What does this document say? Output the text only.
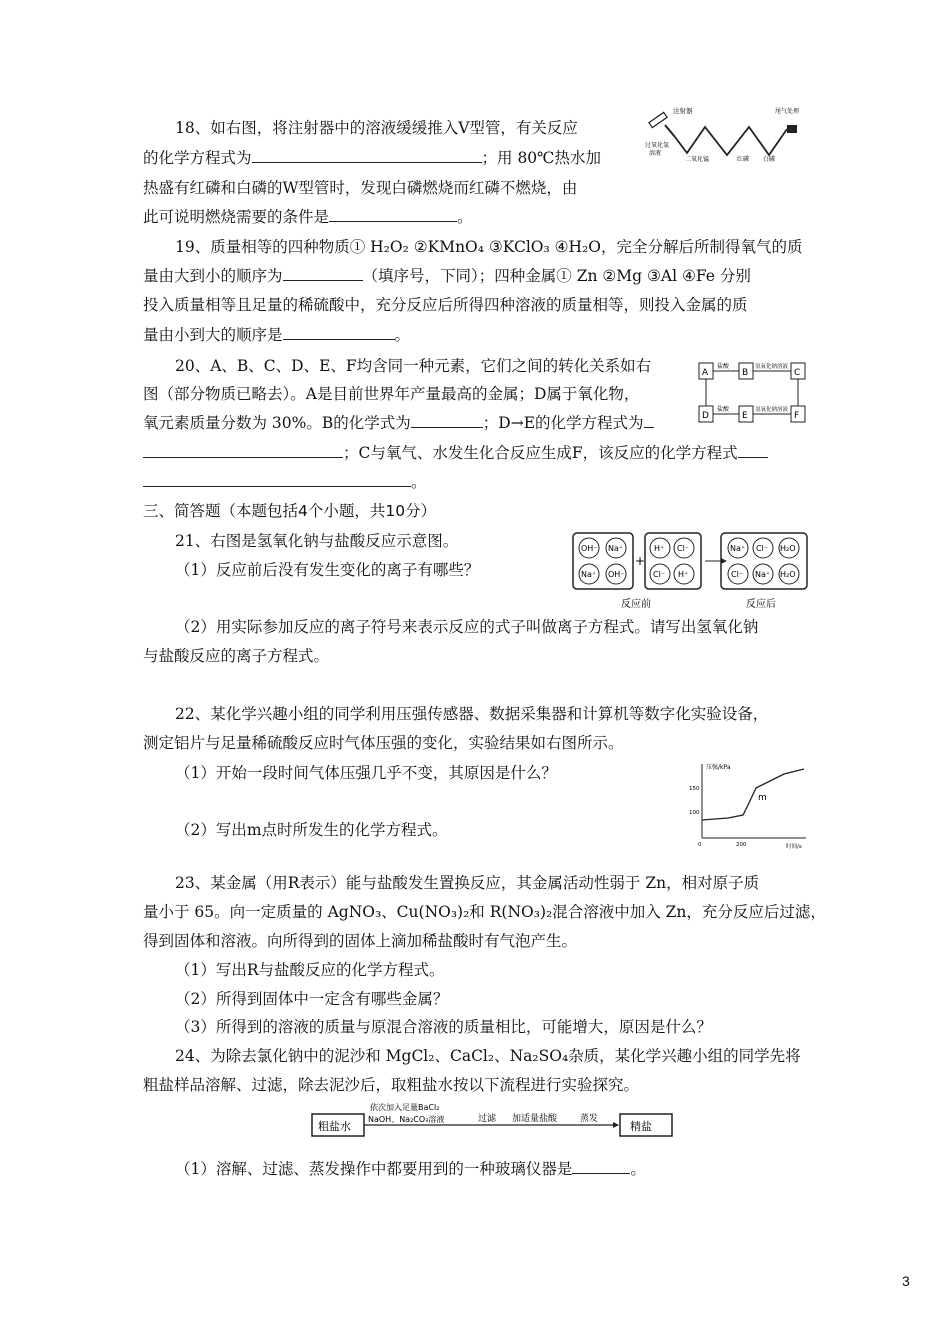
18、如右图，将注射器中的溶液缓缓推入V型管，有关反应
的化学方程式为	；用 80℃热水加
热盛有红磷和白磷的W型管时，发现白磷燃烧而红磷不燃烧，由
此可说明燃烧需要的条件是	。
注射器
过氧化氢
溶液
二氧化锰	红磷 白磷
尾气处理
19、质量相等的四种物质① H₂O₂ ②KMnO₄ ③KClO₃ ④H₂O，完全分解后所制得氧气的质
量由大到小的顺序为	（填序号，下同）；四种金属① Zn ②Mg ③Al ④Fe 分别
投入质量相等且足量的稀硫酸中，充分反应后所得四种溶液的质量相等，则投入金属的质
量由小到大的顺序是	。
20、A、B、C、D、E、F均含同一种元素，它们之间的转化关系如右
图（部分物质已略去）。A是目前世界年产量最高的金属；D属于氧化物，
氧元素质量分数为 30%。B的化学式为	；D→E的化学方程式为
；C与氧气、水发生化合反应生成F，该反应的化学方程式
。
A	B	C
D	E	F
盐酸	氢氧化钠溶液
盐酸	氢氧化钠溶液
三、简答题（本题包括4个小题，共10分）
21、右图是氢氧化钠与盐酸反应示意图。
（1）反应前后没有发生变化的离子有哪些？
（2）用实际参加反应的离子符号来表示反应的式子叫做离子方程式。请写出氢氧化钠
与盐酸反应的离子方程式。
OH⁻ Na⁺
Na⁺ OH⁻
+
H⁺ Cl⁻
Cl⁻ H⁺
Na⁺ Cl⁻ H₂O
Cl⁻ Na⁺ H₂O
反应前	反应后
22、某化学兴趣小组的同学利用压强传感器、数据采集器和计算机等数字化实验设备，
测定铝片与足量稀硫酸反应时气体压强的变化，实验结果如右图所示。
（1）开始一段时间气体压强几乎不变，其原因是什么？
（2）写出m点时所发生的化学方程式。
压强/kPa
时间/s
150
100
0	200
m
23、某金属（用R表示）能与盐酸发生置换反应，其金属活动性弱于 Zn，相对原子质
量小于 65。向一定质量的 AgNO₃、Cu(NO₃)₂和 R(NO₃)₂混合溶液中加入 Zn，充分反应后过滤，
得到固体和溶液。向所得到的固体上滴加稀盐酸时有气泡产生。
（1）写出R与盐酸反应的化学方程式。
（2）所得到固体中一定含有哪些金属？
（3）所得到的溶液的质量与原混合溶液的质量相比，可能增大，原因是什么？
24、为除去氯化钠中的泥沙和 MgCl₂、CaCl₂、Na₂SO₄杂质，某化学兴趣小组的同学先将
粗盐样品溶解、过滤，除去泥沙后，取粗盐水按以下流程进行实验探究。
粗盐水
依次加入足量BaCl₂
NaOH、Na₂CO₃溶液	过滤 加适量盐酸	蒸发
精盐
（1）溶解、过滤、蒸发操作中都要用到的一种玻璃仪器是	。
3
